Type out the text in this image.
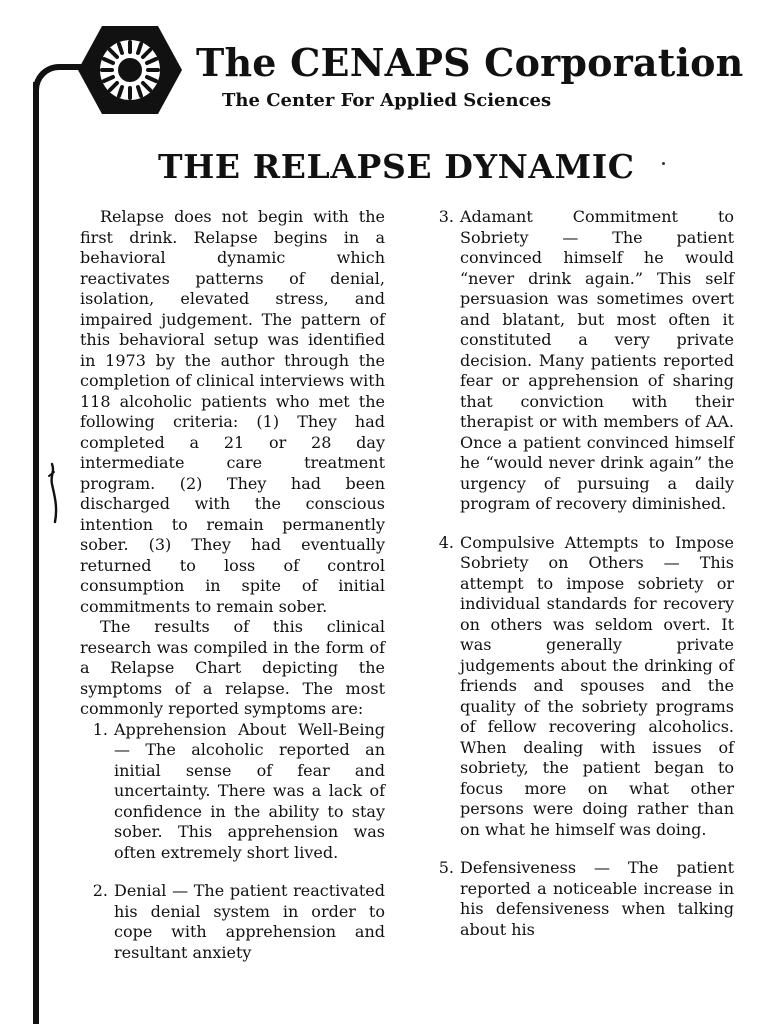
The CENAPS Corporation
The Center For Applied Sciences
THE RELAPSE DYNAMIC

Relapse does not begin with the first drink. Relapse begins in a behavioral dynamic which reactivates patterns of denial, isolation, elevated stress, and impaired judgement. The pattern of this behavioral setup was identified in 1973 by the author through the completion of clinical interviews with 118 alcoholic patients who met the following criteria: (1) They had completed a 21 or 28 day intermediate care treatment program. (2) They had been discharged with the conscious intention to remain permanently sober. (3) They had eventually returned to loss of control consumption in spite of initial commitments to remain sober.

The results of this clinical research was compiled in the form of a Relapse Chart depicting the symptoms of a relapse. The most commonly reported symptoms are:

1. Apprehension About Well-Being — The alcoholic reported an initial sense of fear and uncertainty. There was a lack of confidence in the ability to stay sober. This apprehension was often extremely short lived.
2. Denial — The patient reactivated his denial system in order to cope with apprehension and resultant anxiety
3. Adamant Commitment to Sobriety — The patient convinced himself he would “never drink again.” This self persuasion was sometimes overt and blatant, but most often it constituted a very private decision. Many patients reported fear or apprehension of sharing that conviction with their therapist or with members of AA. Once a patient convinced himself he “would never drink again” the urgency of pursuing a daily program of recovery diminished.
4. Compulsive Attempts to Impose Sobriety on Others — This attempt to impose sobriety or individual standards for recovery on others was seldom overt. It was generally private judgements about the drinking of friends and spouses and the quality of the sobriety programs of fellow recovering alcoholics. When dealing with issues of sobriety, the patient began to focus more on what other persons were doing rather than on what he himself was doing.
5. Defensiveness — The patient reported a noticeable increase in his defensiveness when talking about his
